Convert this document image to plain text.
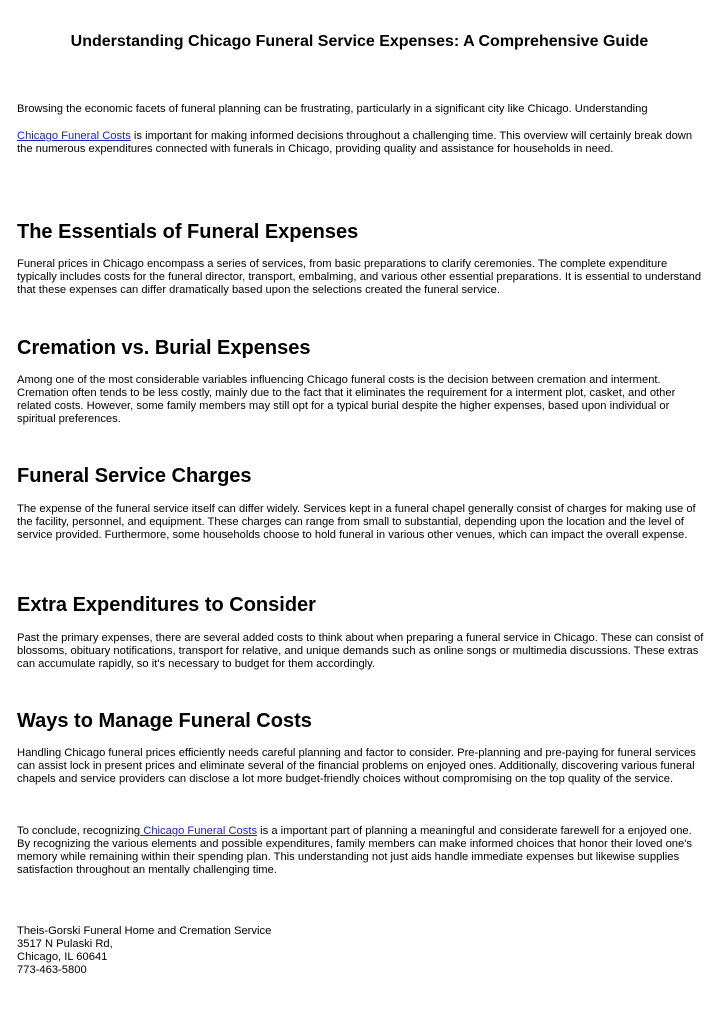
Understanding Chicago Funeral Service Expenses: A Comprehensive Guide

Browsing the economic facets of funeral planning can be frustrating, particularly in a significant city like Chicago. Understanding

Chicago Funeral Costs is important for making informed decisions throughout a challenging time. This overview will certainly break down the numerous expenditures connected with funerals in Chicago, providing quality and assistance for households in need.

The Essentials of Funeral Expenses

Funeral prices in Chicago encompass a series of services, from basic preparations to clarify ceremonies. The complete expenditure typically includes costs for the funeral director, transport, embalming, and various other essential preparations. It is essential to understand that these expenses can differ dramatically based upon the selections created the funeral service.

Cremation vs. Burial Expenses

Among one of the most considerable variables influencing Chicago funeral costs is the decision between cremation and interment. Cremation often tends to be less costly, mainly due to the fact that it eliminates the requirement for a interment plot, casket, and other related costs. However, some family members may still opt for a typical burial despite the higher expenses, based upon individual or spiritual preferences.

Funeral Service Charges

The expense of the funeral service itself can differ widely. Services kept in a funeral chapel generally consist of charges for making use of the facility, personnel, and equipment. These charges can range from small to substantial, depending upon the location and the level of service provided. Furthermore, some households choose to hold funeral in various other venues, which can impact the overall expense.

Extra Expenditures to Consider

Past the primary expenses, there are several added costs to think about when preparing a funeral service in Chicago. These can consist of blossoms, obituary notifications, transport for relative, and unique demands such as online songs or multimedia discussions. These extras can accumulate rapidly, so it's necessary to budget for them accordingly.

Ways to Manage Funeral Costs

Handling Chicago funeral prices efficiently needs careful planning and factor to consider. Pre-planning and pre-paying for funeral services can assist lock in present prices and eliminate several of the financial problems on enjoyed ones. Additionally, discovering various funeral chapels and service providers can disclose a lot more budget-friendly choices without compromising on the top quality of the service.

To conclude, recognizing Chicago Funeral Costs is a important part of planning a meaningful and considerate farewell for a enjoyed one. By recognizing the various elements and possible expenditures, family members can make informed choices that honor their loved one's memory while remaining within their spending plan. This understanding not just aids handle immediate expenses but likewise supplies satisfaction throughout an mentally challenging time.

Theis-Gorski Funeral Home and Cremation Service
3517 N Pulaski Rd,
Chicago, IL 60641
773-463-5800
